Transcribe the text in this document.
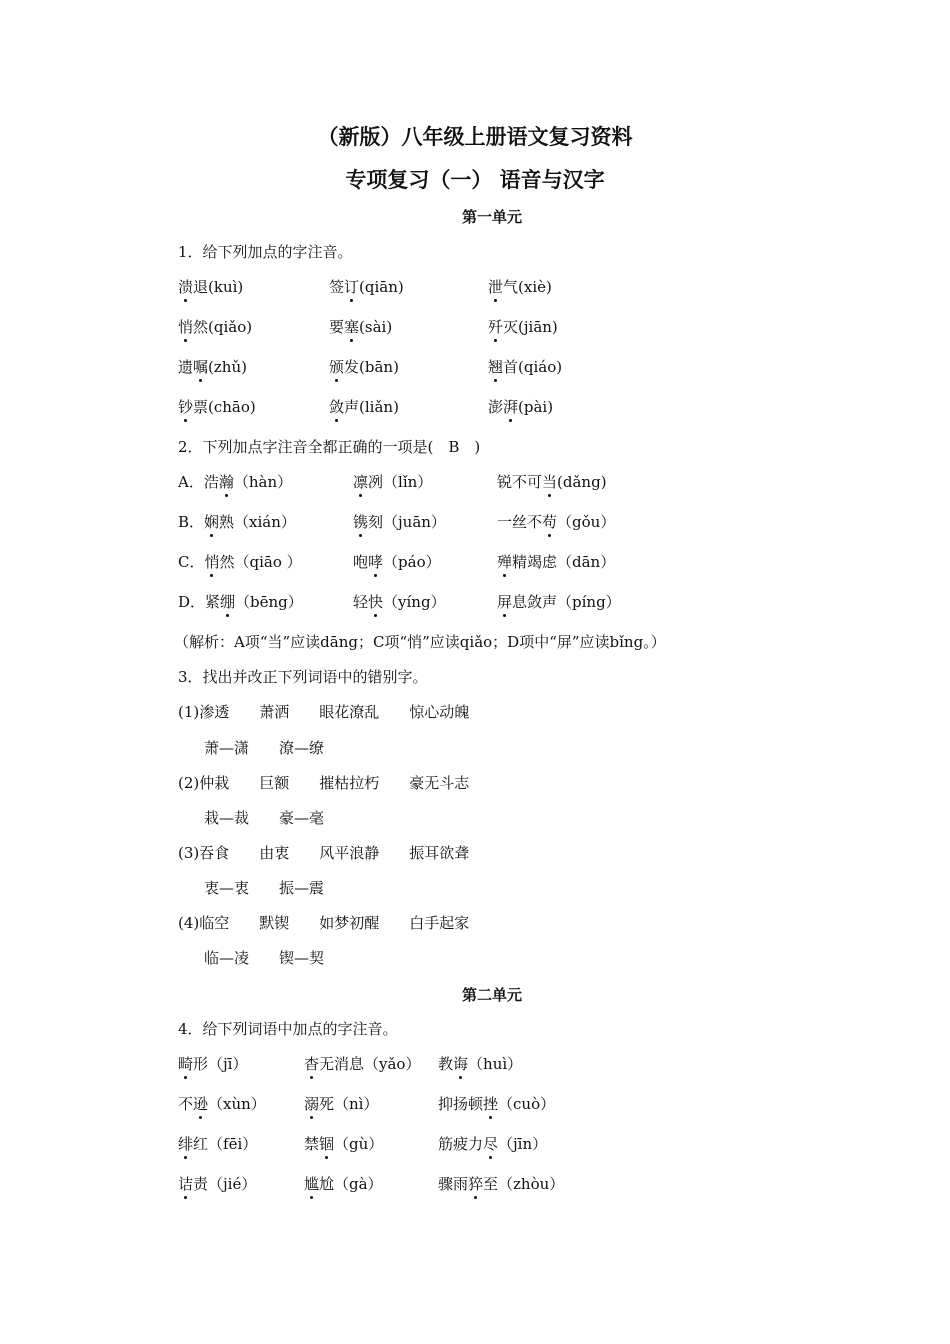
（新版）八年级上册语文复习资料
专项复习（一） 语音与汉字
第一单元
1．给下列加点的字注音。
溃退(kuì)	签订(qiān)	泄气(xiè)
悄然(qiǎo)	要塞(sài)	歼灭(jiān)
遗嘱(zhǔ)	颁发(bān)	翘首(qiáo)
钞票(chāo)	敛声(liǎn)	澎湃(pài)
2．下列加点字注音全都正确的一项是(　B　)
A．浩瀚（hàn）	凛冽（lǐn）	锐不可当(dǎng)
B．娴熟（xián）	镌刻（juān）	一丝不苟（gǒu）
C．悄然（qiāo ）	咆哮（páo）	殚精竭虑（dān）
D．紧绷（bēng）	轻快（yíng）	屏息敛声（píng）
（解析：A项“当”应读dāng；C项“悄”应读qiǎo；D项中“屏”应读bǐng。）
3．找出并改正下列词语中的错别字。
(1)渗透　　萧洒　　眼花潦乱　　惊心动魄
萧—潇　　潦—缭
(2)仲栽　　巨额　　摧枯拉朽　　豪无斗志
栽—裁　　豪—毫
(3)吞食　　由衷　　风平浪静　　振耳欲聋
衷—衷　　振—震
(4)临空　　默锲　　如梦初醒　　白手起家
临—凌　　锲—契
第二单元
4．给下列词语中加点的字注音。
畸形（jī）	杳无消息（yǎo） 教诲（huì）
不逊（xùn）	溺死（nì）	抑扬顿挫（cuò）
绯红（fēi）	禁锢（gù）	筋疲力尽（jīn）
诘责（jié）	尴尬（gà）	骤雨猝至（zhòu）
